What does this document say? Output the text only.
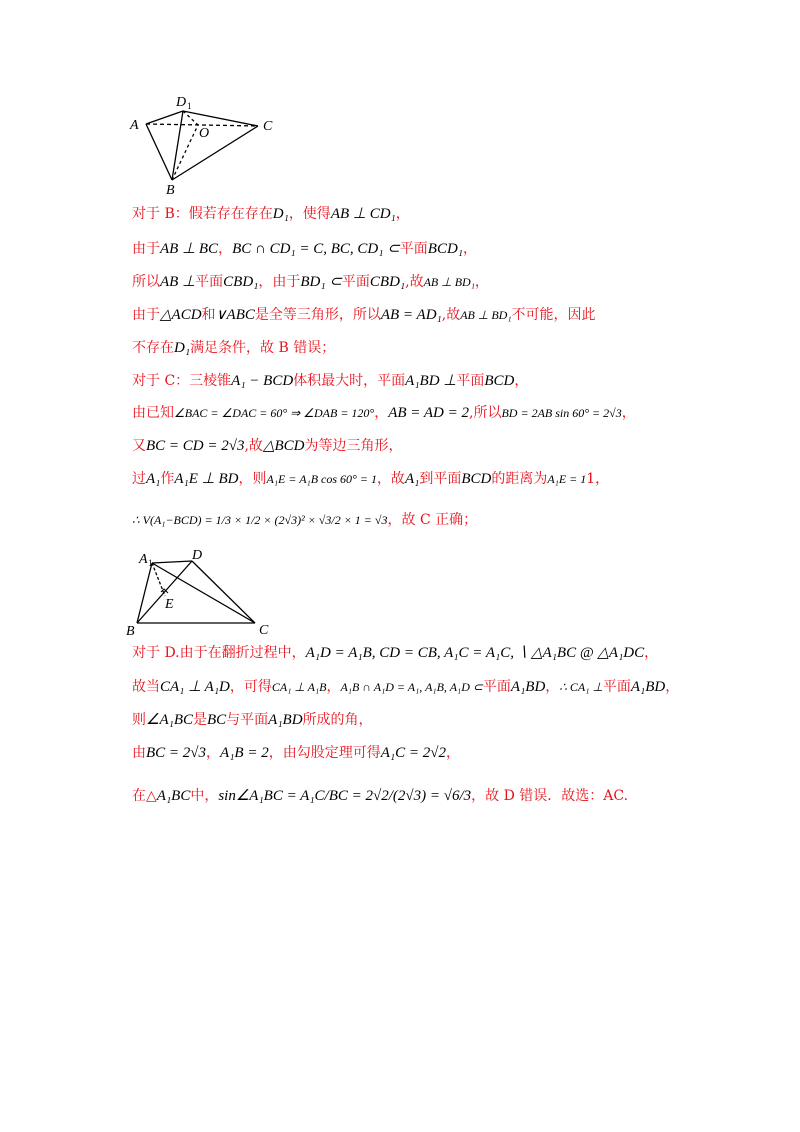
A
B
C
D 1
O
对于 B：假若存在存在D₁，使得AB ⊥ CD₁，
由于AB ⊥ BC，BC ∩ CD₁ = C, BC, CD₁ ⊂平面BCD₁，
所以AB ⊥平面CBD₁，由于BD₁ ⊂平面CBD₁,故AB ⊥ BD₁，
由于△ACD和∨ABC是全等三角形，所以AB = AD₁,故AB ⊥ BD₁不可能，因此
不存在D₁满足条件，故 B 错误；
对于 C：三棱锥A₁ − BCD体积最大时，平面A₁BD ⊥平面BCD，
由已知∠BAC = ∠DAC = 60° ⇒ ∠DAB = 120°，AB = AD = 2,所以BD = 2AB sin 60° = 2√3，
又BC = CD = 2√3,故△BCD为等边三角形，
过A₁作A₁E ⊥ BD，则A₁E = A₁B cos 60° = 1，故A₁到平面BCD的距离为A₁E = 11，
∴ V(A₁−BCD) = 1/3 × 1/2 × (2√3)² × √3/2 × 1 = √3，故 C 正确；
A 1	D
E
B	C
对于 D.由于在翻折过程中，A₁D = A₁B, CD = CB, A₁C = A₁C, ∖ △A₁BC @ △A₁DC，
故当CA₁ ⊥ A₁D，可得CA₁ ⊥ A₁B，A₁B ∩ A₁D = A₁, A₁B, A₁D ⊂平面A₁BD，∴ CA₁ ⊥平面A₁BD，
则∠A₁BC是BC与平面A₁BD所成的角，
由BC = 2√3，A₁B = 2，由勾股定理可得A₁C = 2√2，
在△A₁BC中，sin∠A₁BC = A₁C/BC = 2√2/(2√3) = √6/3，故 D 错误．故选：AC.
